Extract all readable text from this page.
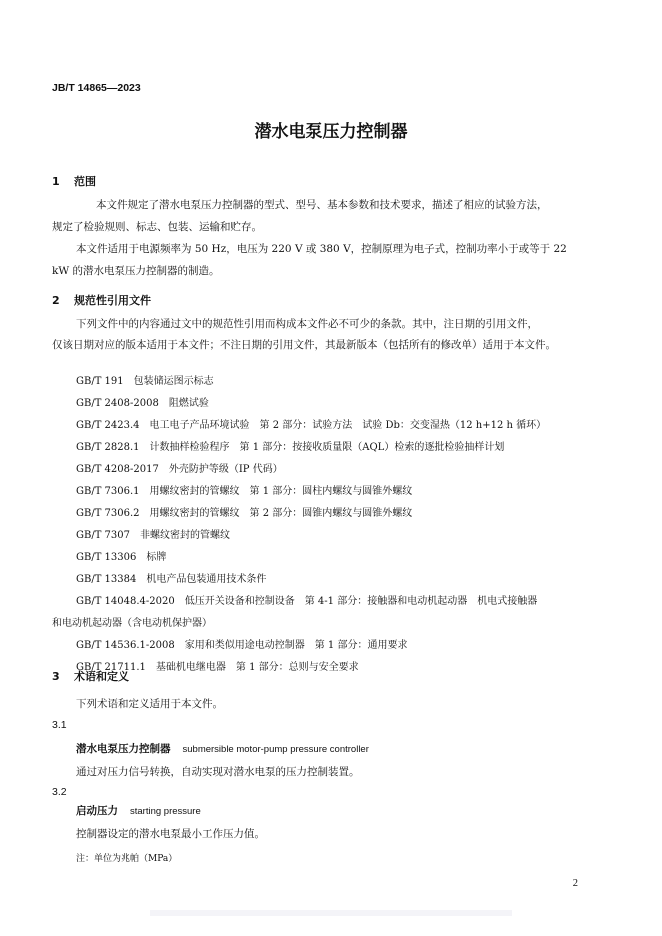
JB/T 14865—2023
潜水电泵压力控制器
1 范围
本文件规定了潜水电泵压力控制器的型式、型号、基本参数和技术要求，描述了相应的试验方法，
规定了检验规则、标志、包装、运输和贮存。
本文件适用于电源频率为 50 Hz，电压为 220 V 或 380 V，控制原理为电子式，控制功率小于或等于 22
kW 的潜水电泵压力控制器的制造。
2 规范性引用文件
下列文件中的内容通过文中的规范性引用而构成本文件必不可少的条款。其中，注日期的引用文件，
仅该日期对应的版本适用于本文件；不注日期的引用文件，其最新版本（包括所有的修改单）适用于本文件。
GB/T 191　包装储运图示标志
GB/T 2408-2008　阻燃试验
GB/T 2423.4　电工电子产品环境试验　第 2 部分：试验方法　试验 Db：交变湿热（12 h+12 h 循环）
GB/T 2828.1　计数抽样检验程序　第 1 部分：按接收质量限（AQL）检索的逐批检验抽样计划
GB/T 4208-2017　外壳防护等级（IP 代码）
GB/T 7306.1　用螺纹密封的管螺纹　第 1 部分：圆柱内螺纹与圆锥外螺纹
GB/T 7306.2　用螺纹密封的管螺纹　第 2 部分：圆锥内螺纹与圆锥外螺纹
GB/T 7307　非螺纹密封的管螺纹
GB/T 13306　标牌
GB/T 13384　机电产品包装通用技术条件
GB/T 14048.4-2020　低压开关设备和控制设备　第 4-1 部分：接触器和电动机起动器　机电式接触器
和电动机起动器（含电动机保护器）
GB/T 14536.1-2008　家用和类似用途电动控制器　第 1 部分：通用要求
GB/T 21711.1　基础机电继电器　第 1 部分：总则与安全要求
3 术语和定义
下列术语和定义适用于本文件。
3.1
潜水电泵压力控制器 submersible motor-pump pressure controller
通过对压力信号转换，自动实现对潜水电泵的压力控制装置。
3.2
启动压力 starting pressure
控制器设定的潜水电泵最小工作压力值。
注：单位为兆帕（MPa）
2
